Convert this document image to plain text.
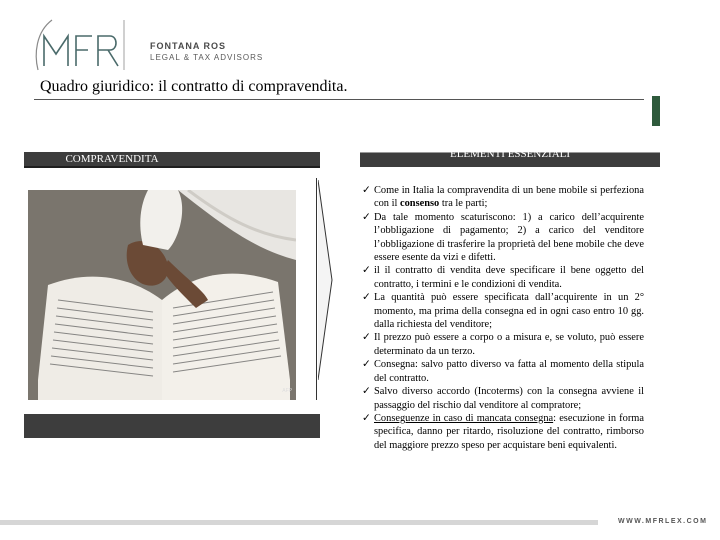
FONTANA ROS
LEGAL & TAX ADVISORS
Quadro giuridico: il contratto di compravendita.
COMPRAVENDITA	ELEMENTI ESSENZIALI
AFP
✓ Come in Italia la compravendita di un bene mobile si perfeziona con il consenso tra le parti;
✓ Da tale momento scaturiscono: 1) a carico dell’acquirente l’obbligazione di pagamento; 2) a carico del venditore l’obbligazione di trasferire la proprietà del bene mobile che deve essere esente da vizi e difetti.
✓ il il contratto di vendita deve specificare il bene oggetto del contratto, i termini e le condizioni di vendita.
✓ La quantità può essere specificata dall’acquirente in un 2° momento, ma prima della consegna ed in ogni caso entro 10 gg. dalla richiesta del venditore;
✓ Il prezzo può essere a corpo o a misura e, se voluto, può essere determinato da un terzo.
✓ Consegna: salvo patto diverso va fatta al momento della stipula del contratto.
✓ Salvo diverso accordo (Incoterms) con la consegna avviene il passaggio del rischio dal venditore al compratore;
✓ Conseguenze in caso di mancata consegna: esecuzione in forma specifica, danno per ritardo, risoluzione del contratto, rimborso del maggiore prezzo speso per acquistare beni equivalenti.
WWW.MFRLEX.COM
